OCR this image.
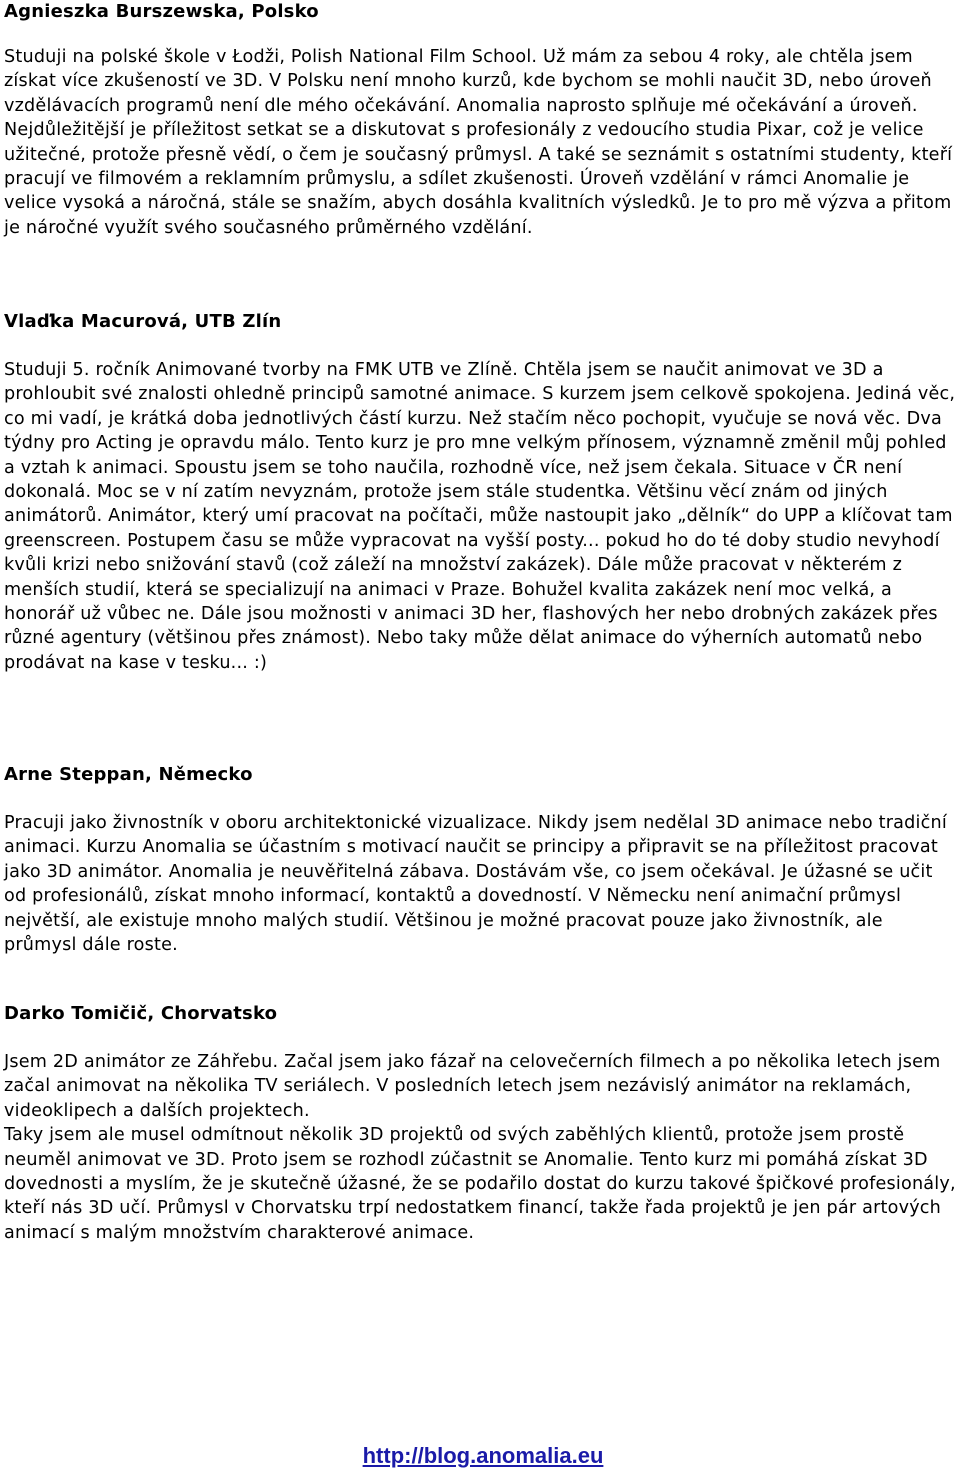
Agnieszka Burszewska, Polsko

Studuji na polské škole v Łodži, Polish National Film School. Už mám za sebou 4 roky, ale chtěla jsem získat více zkušeností ve 3D. V Polsku není mnoho kurzů, kde bychom se mohli naučit 3D, nebo úroveň vzdělávacích programů není dle mého očekávání. Anomalia naprosto splňuje mé očekávání a úroveň. Nejdůležitější je příležitost setkat se a diskutovat s profesionály z vedoucího studia Pixar, což je velice užitečné, protože přesně vědí, o čem je současný průmysl. A také se seznámit s ostatními studenty, kteří pracují ve filmovém a reklamním průmyslu, a sdílet zkušenosti. Úroveň vzdělání v rámci Anomalie je velice vysoká a náročná, stále se snažím, abych dosáhla kvalitních výsledků. Je to pro mě výzva a přitom je náročné využít svého současného průměrného vzdělání.

Vlaďka Macurová, UTB Zlín

Studuji 5. ročník Animované tvorby na FMK UTB ve Zlíně. Chtěla jsem se naučit animovat ve 3D a prohloubit své znalosti ohledně principů samotné animace. S kurzem jsem celkově spokojena. Jediná věc, co mi vadí, je krátká doba jednotlivých částí kurzu. Než stačím něco pochopit, vyučuje se nová věc. Dva týdny pro Acting je opravdu málo. Tento kurz je pro mne velkým přínosem, významně změnil můj pohled a vztah k animaci. Spoustu jsem se toho naučila, rozhodně více, než jsem čekala. Situace v ČR není dokonalá. Moc se v ní zatím nevyznám, protože jsem stále studentka. Většinu věcí znám od jiných animátorů. Animátor, který umí pracovat na počítači, může nastoupit jako „dělník“ do UPP a klíčovat tam greenscreen. Postupem času se může vypracovat na vyšší posty... pokud ho do té doby studio nevyhodí kvůli krizi nebo snižování stavů (což záleží na množství zakázek). Dále může pracovat v některém z menších studií, která se specializují na animaci v Praze. Bohužel kvalita zakázek není moc velká, a honorář už vůbec ne. Dále jsou možnosti v animaci 3D her, flashových her nebo drobných zakázek přes různé agentury (většinou přes známost). Nebo taky může dělat animace do výherních automatů nebo prodávat na kase v tesku... :)

Arne Steppan, Německo

Pracuji jako živnostník v oboru architektonické vizualizace. Nikdy jsem nedělal 3D animace nebo tradiční animaci. Kurzu Anomalia se účastním s motivací naučit se principy a připravit se na příležitost pracovat jako 3D animátor. Anomalia je neuvěřitelná zábava. Dostávám vše, co jsem očekával. Je úžasné se učit od profesionálů, získat mnoho informací, kontaktů a dovedností. V Německu není animační průmysl největší, ale existuje mnoho malých studií. Většinou je možné pracovat pouze jako živnostník, ale průmysl dále roste.

Darko Tomičič, Chorvatsko

Jsem 2D animátor ze Záhřebu. Začal jsem jako fázař na celovečerních filmech a po několika letech jsem začal animovat na několika TV seriálech. V posledních letech jsem nezávislý animátor na reklamách, videoklipech a dalších projektech.

Taky jsem ale musel odmítnout několik 3D projektů od svých zaběhlých klientů, protože jsem prostě neuměl animovat ve 3D. Proto jsem se rozhodl zúčastnit se Anomalie. Tento kurz mi pomáhá získat 3D dovednosti a myslím, že je skutečně úžasné, že se podařilo dostat do kurzu takové špičkové profesionály, kteří nás 3D učí. Průmysl v Chorvatsku trpí nedostatkem financí, takže řada projektů je jen pár artových animací s malým množstvím charakterové animace.

http://blog.anomalia.eu
